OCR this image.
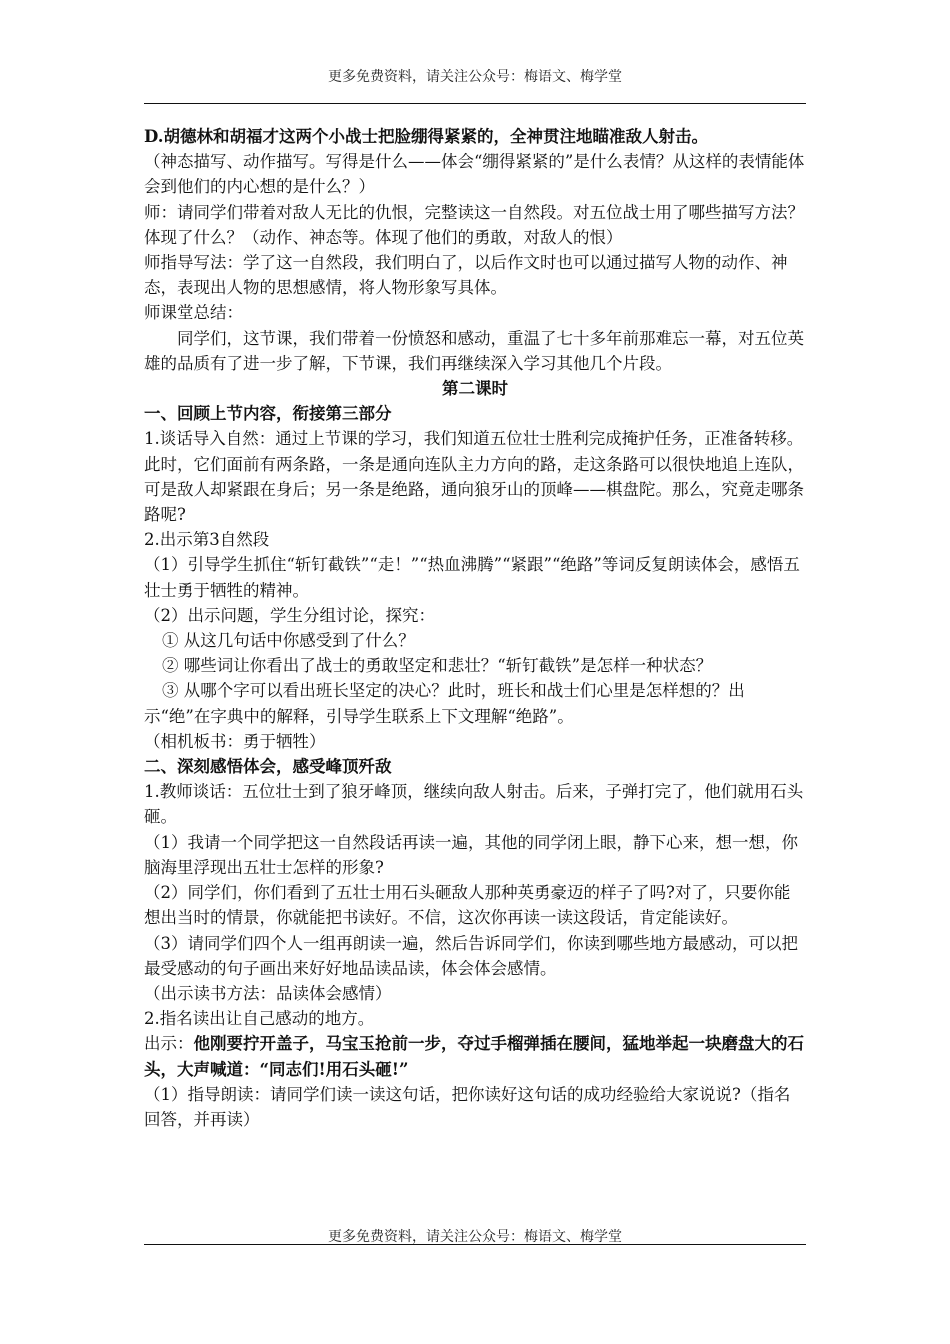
更多免费资料，请关注公众号：梅语文、梅学堂

D.胡德林和胡福才这两个小战士把脸绷得紧紧的，全神贯注地瞄准敌人射击。

（神态描写、动作描写。写得是什么——体会“绷得紧紧的”是什么表情？从这样的表情能体会到他们的内心想的是什么？）

师：请同学们带着对敌人无比的仇恨，完整读这一自然段。对五位战士用了哪些描写方法？体现了什么？（动作、神态等。体现了他们的勇敢，对敌人的恨）

师指导写法：学了这一自然段，我们明白了，以后作文时也可以通过描写人物的动作、神态，表现出人物的思想感情，将人物形象写具体。

师课堂总结：

同学们，这节课，我们带着一份愤怒和感动，重温了七十多年前那难忘一幕，对五位英雄的品质有了进一步了解，下节课，我们再继续深入学习其他几个片段。

第二课时

一、回顾上节内容，衔接第三部分

1.谈话导入自然：通过上节课的学习，我们知道五位壮士胜利完成掩护任务，正准备转移。此时，它们面前有两条路，一条是通向连队主力方向的路，走这条路可以很快地追上连队，可是敌人却紧跟在身后；另一条是绝路，通向狼牙山的顶峰——棋盘陀。那么，究竟走哪条路呢?

2.出示第3自然段

（1）引导学生抓住“斩钉截铁”“走！”“热血沸腾”“紧跟”“绝路”等词反复朗读体会，感悟五壮士勇于牺牲的精神。

（2）出示问题，学生分组讨论，探究：

① 从这几句话中你感受到了什么？

② 哪些词让你看出了战士的勇敢坚定和悲壮？“斩钉截铁”是怎样一种状态？

③ 从哪个字可以看出班长坚定的决心？此时，班长和战士们心里是怎样想的？出示“绝”在字典中的解释，引导学生联系上下文理解“绝路”。

（相机板书：勇于牺牲）

二、深刻感悟体会，感受峰顶歼敌

1.教师谈话：五位壮士到了狼牙峰顶，继续向敌人射击。后来，子弹打完了，他们就用石头砸。

（1）我请一个同学把这一自然段话再读一遍，其他的同学闭上眼，静下心来，想一想，你脑海里浮现出五壮士怎样的形象?

（2）同学们，你们看到了五壮士用石头砸敌人那种英勇豪迈的样子了吗?对了，只要你能想出当时的情景，你就能把书读好。不信，这次你再读一读这段话，肯定能读好。

（3）请同学们四个人一组再朗读一遍，然后告诉同学们，你读到哪些地方最感动，可以把最受感动的句子画出来好好地品读品读，体会体会感情。

（出示读书方法：品读体会感情）

2.指名读出让自己感动的地方。

出示：他刚要拧开盖子，马宝玉抢前一步，夺过手榴弹插在腰间，猛地举起一块磨盘大的石头，大声喊道：“同志们!用石头砸!”

（1）指导朗读：请同学们读一读这句话，把你读好这句话的成功经验给大家说说?（指名回答，并再读）

更多免费资料，请关注公众号：梅语文、梅学堂
